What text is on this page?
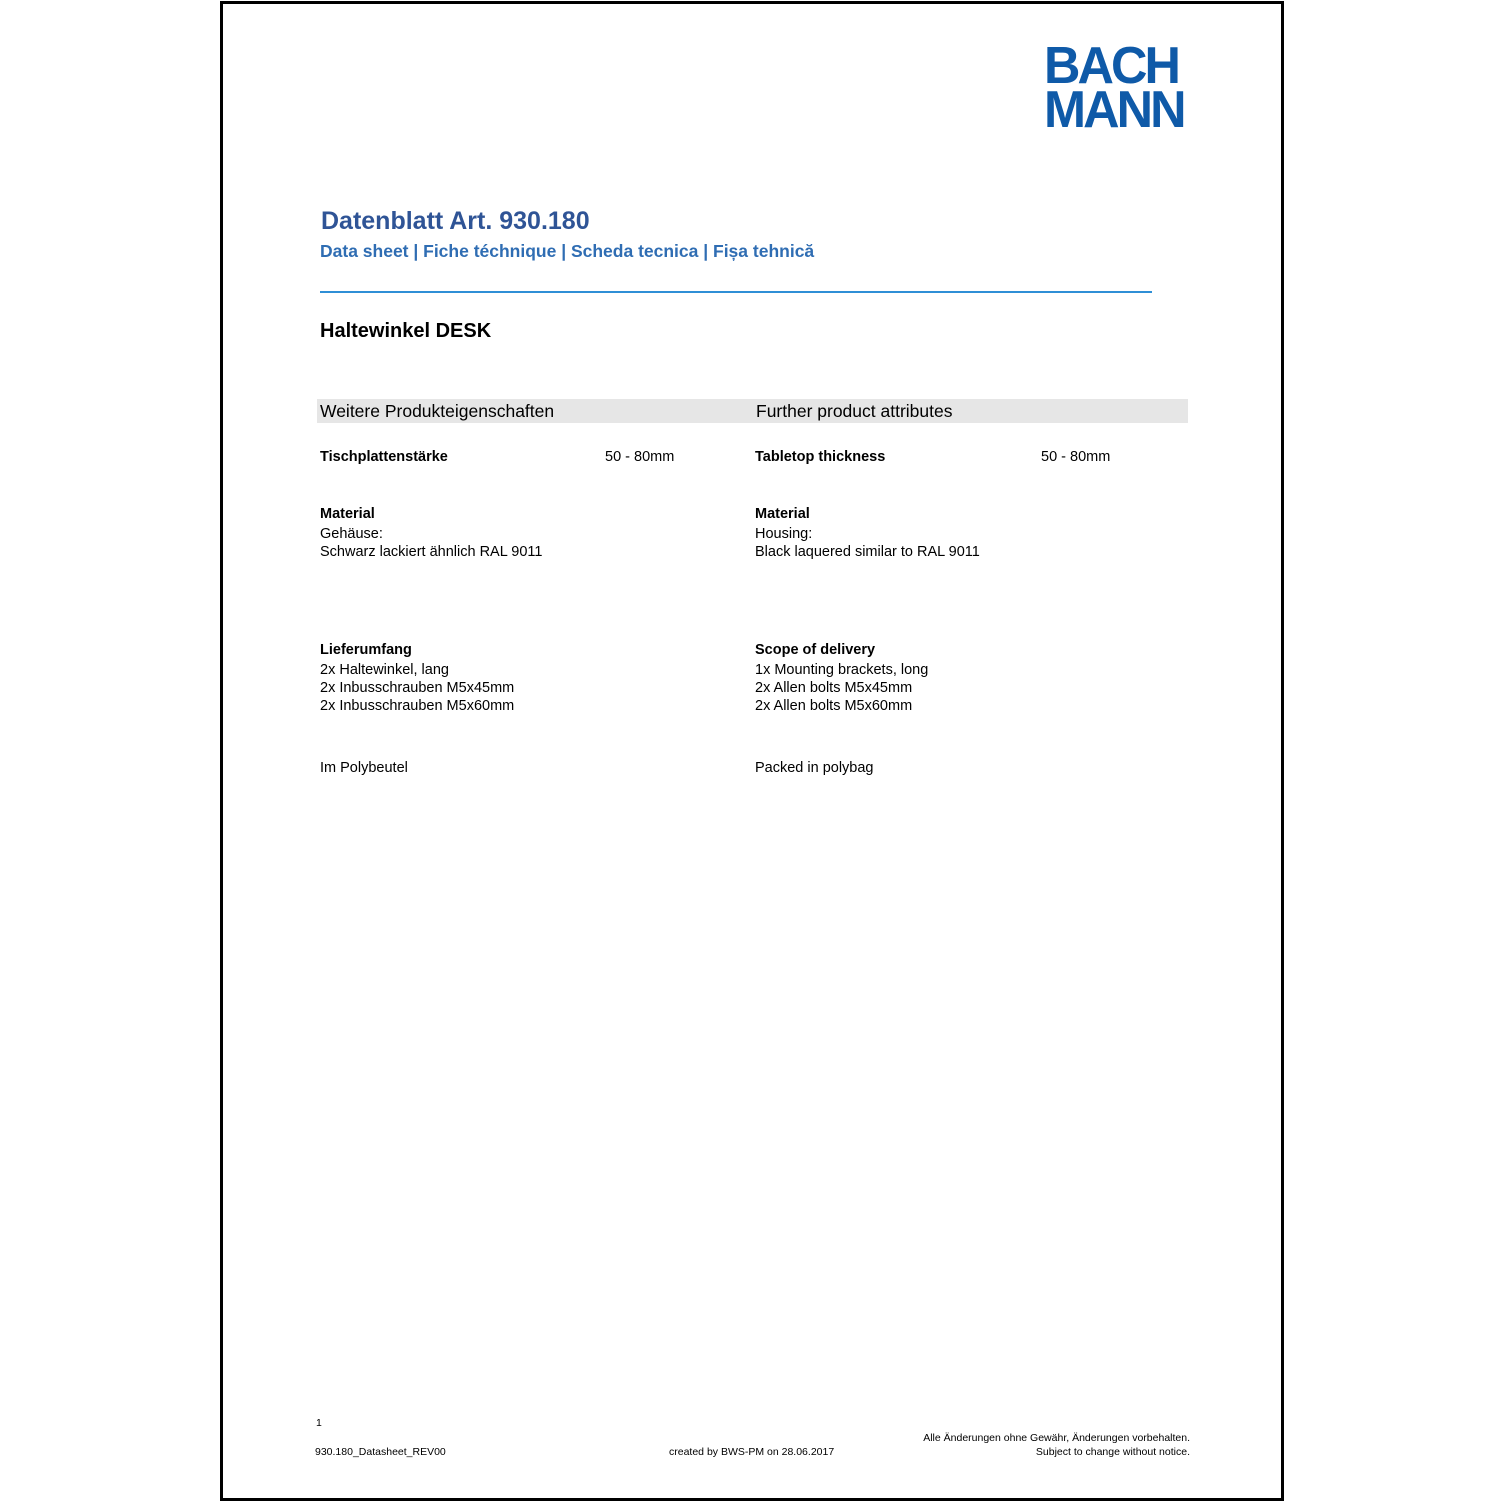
BACH
MANN
Datenblatt Art. 930.180
Data sheet | Fiche téchnique | Scheda tecnica | Fișa tehnică
Haltewinkel DESK
Weitere Produkteigenschaften	Further product attributes
Tischplattenstärke	50 - 80mm	Tabletop thickness	50 - 80mm
Material
Gehäuse:
Schwarz lackiert ähnlich RAL 9011
Material
Housing:
Black laquered similar to RAL 9011
Lieferumfang
2x Haltewinkel, lang
2x Inbusschrauben M5x45mm
2x Inbusschrauben M5x60mm
Scope of delivery
1x Mounting brackets, long
2x Allen bolts M5x45mm
2x Allen bolts M5x60mm
Im Polybeutel	Packed in polybag
1
930.180_Datasheet_REV00	created by BWS-PM on 28.06.2017
Alle Änderungen ohne Gewähr, Änderungen vorbehalten.
Subject to change without notice.
